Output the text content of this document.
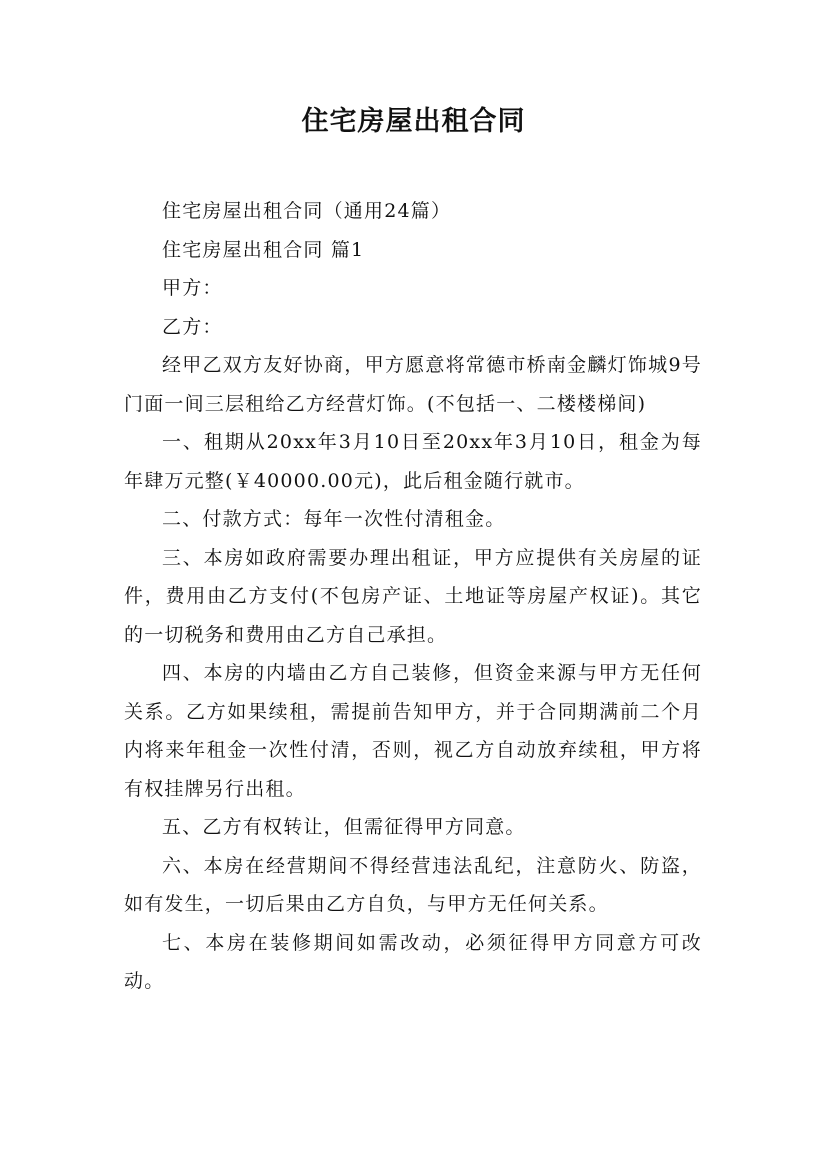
住宅房屋出租合同

住宅房屋出租合同（通用24篇）

住宅房屋出租合同 篇1

甲方：

乙方：

经甲乙双方友好协商，甲方愿意将常德市桥南金麟灯饰城9号门面一间三层租给乙方经营灯饰。(不包括一、二楼楼梯间)

一、租期从20xx年3月10日至20xx年3月10日，租金为每年肆万元整(￥40000.00元)，此后租金随行就市。

二、付款方式：每年一次性付清租金。

三、本房如政府需要办理出租证，甲方应提供有关房屋的证件，费用由乙方支付(不包房产证、土地证等房屋产权证)。其它的一切税务和费用由乙方自己承担。

四、本房的内墙由乙方自己装修，但资金来源与甲方无任何关系。乙方如果续租，需提前告知甲方，并于合同期满前二个月内将来年租金一次性付清，否则，视乙方自动放弃续租，甲方将有权挂牌另行出租。

五、乙方有权转让，但需征得甲方同意。

六、本房在经营期间不得经营违法乱纪，注意防火、防盗，如有发生，一切后果由乙方自负，与甲方无任何关系。

七、本房在装修期间如需改动，必须征得甲方同意方可改动。
